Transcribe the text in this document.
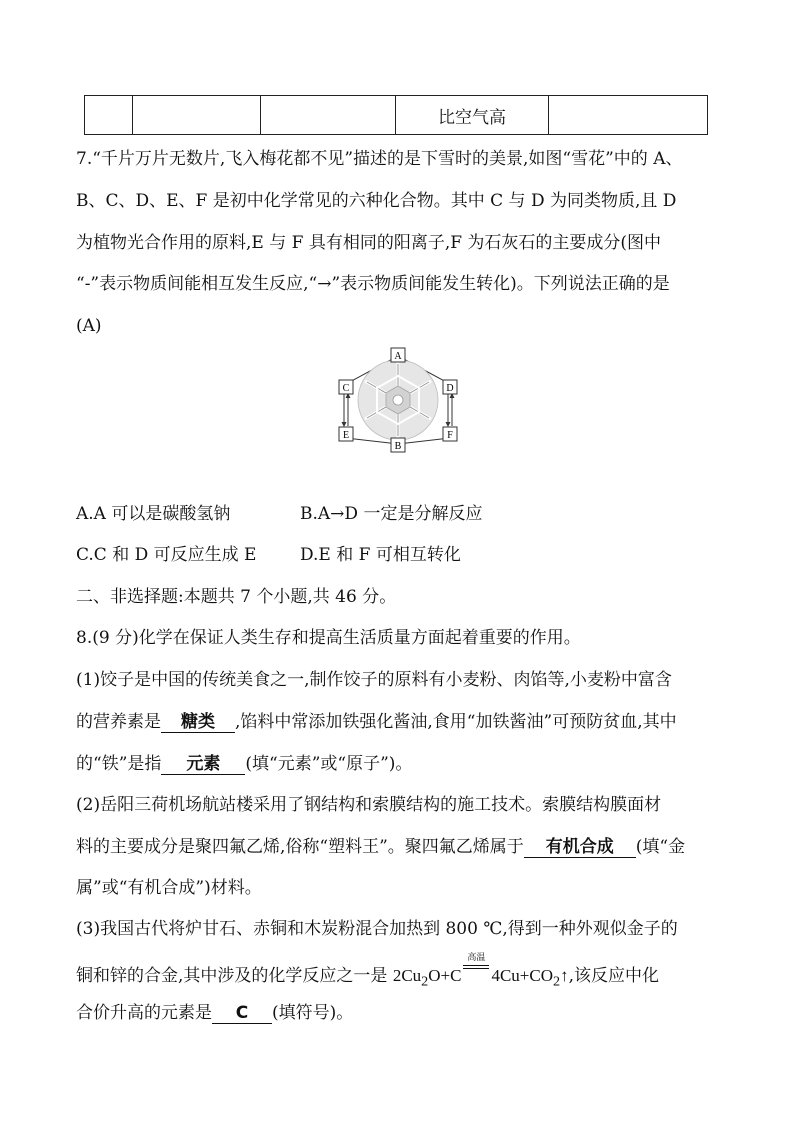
			比空气高	
7.“千片万片无数片,飞入梅花都不见”描述的是下雪时的美景,如图“雪花”中的 A、
B、C、D、E、F 是初中化学常见的六种化合物。其中 C 与 D 为同类物质,且 D
为植物光合作用的原料,E 与 F 具有相同的阳离子,F 为石灰石的主要成分(图中
“-”表示物质间能相互发生反应,“→”表示物质间能发生转化)。下列说法正确的是
(A)
A
C	D
E	F
B
A.A 可以是碳酸氢钠	B.A→D 一定是分解反应
C.C 和 D 可反应生成 E	D.E 和 F 可相互转化
二、非选择题:本题共 7 个小题,共 46 分。
8.(9 分)化学在保证人类生存和提高生活质量方面起着重要的作用。
(1)饺子是中国的传统美食之一,制作饺子的原料有小麦粉、肉馅等,小麦粉中富含
的营养素是 糖类 ,馅料中常添加铁强化酱油,食用“加铁酱油”可预防贫血,其中
的“铁”是指 元素 (填“元素”或“原子”)。
(2)岳阳三荷机场航站楼采用了钢结构和索膜结构的施工技术。索膜结构膜面材
料的主要成分是聚四氟乙烯,俗称“塑料王”。聚四氟乙烯属于 有机合成 (填“金
属”或“有机合成”)材料。
(3)我国古代将炉甘石、赤铜和木炭粉混合加热到 800 ℃,得到一种外观似金子的
铜和锌的合金,其中涉及的化学反应之一是 $2Cu_2O+C$
高温
$4Cu+CO_2↑$,该反应中化
合价升高的元素是 C (填符号)。
